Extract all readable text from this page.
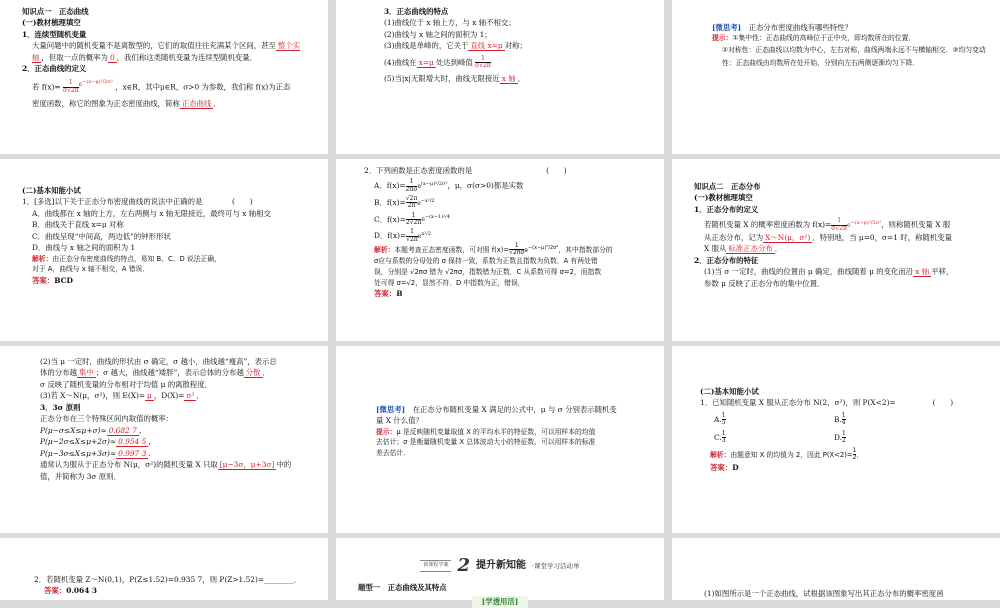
知识点一　正态曲线

(一)教材梳理填空

1．连续型随机变量

大量问题中的随机变量不是离散型的，它们的取值往往充满某个区间，甚至 整个实轴 ，但取一点的概率为 0 ，我们称这类随机变量为连续型随机变量．

2．正态曲线的定义

若 $f(x)= \frac{1}{\sigma√2\pi} ^{e^{-(x-\mu)^2/2\sigma^2}}$ ，x∈R，其中μ∈R，σ>0 为参数，我们称 f(x)为正态

密度函数，称它的图象为正态密度曲线，简称 正态曲线 ．

3．正态曲线的特点

(1)曲线位于 x 轴上方，与 x 轴不相交；

(2)曲线与 x 轴之间的面积为 1；

(3)曲线是单峰的，它关于 直线 x=μ 对称；

(4)曲线在 x=μ 处达到峰值 $\frac{1}{\sigma√2\pi}$

(5)当|x|无限增大时，曲线无限接近 x 轴 ．

[微思考]　 正态分布密度曲线有哪些特性？

提示：①集中性：正态曲线的高峰位于正中央，即均数所在的位置．

②对称性：正态曲线以均数为中心，左右对称，曲线两端永远不与横轴相交．③均匀变动性：正态曲线由均数所在处开始，分别向左右两侧逐渐均匀下降．

(二)基本知能小试

1．[多选]以下关于正态分布密度曲线的说法中正确的是　　　　	(　　)

A．曲线都在 x 轴的上方，左右两侧与 x 轴无限接近，最终可与 x 轴相交

B．曲线关于直线 x=μ 对称

C．曲线呈现“中间高，两边低”的钟形形状

D．曲线与 x 轴之间的面积为 1

解析：由正态分布密度曲线的特点，易知 B、C、D 说法正确，

对于 A，曲线与 x 轴不相交，A 错误．

答案：BCD

2．下列函数是正态密度函数的是　　　　　　　　　　	(　　)

A．$f(x)= \frac{1}{2\pi\sigma} e^{(x-\mu)^2/2\sigma^2}$，μ，σ(σ>0)都是实数

B．$f(x)= \frac{√2\pi}{2\pi} e^{-x^2/2}$

C．$f(x)= \frac{1}{2√2\pi} e^{-(x-1)^2/4}$

D．$f(x)= \frac{1}{√2\pi} e^{x^2/2}$

解析：本题考查正态密度函数，可对照 $f(x)= \frac{1}{√2\pi\sigma} e^{-(x-\mu)^2/2\sigma^2}$，其中指数部分的

σ应与系数的分母处的 σ 保持一致，系数为正数且指数为负数．A 有两处错

误，分别是 √2πσ 错为 √2πσ，指数错为正数．C 从系数可得 σ=2，而指数

处可得 σ=√2，显然不符．D 中指数为正，错误．

答案：B

知识点二　正态分布

(一)教材梳理填空

1．正态分布的定义

若随机变量 X 的概率密度函数为 $f(x)= \frac{1}{\sigma√2\pi} e^{-(x-\mu)^2/2\sigma^2}$，则称随机变量 X 服

从正态分布，记为 X～N(μ，σ²) ．特别地，当 μ=0，σ=1 时，称随机变量

X 服从 标准正态分布 ．

2．正态分布的特征

(1)当 σ 一定时，曲线的位置由 μ 确定，曲线随着 μ 的变化而沿 x 轴 平移，

参数 μ 反映了正态分布的集中位置．

(2)当 μ 一定时，曲线的形状由 σ 确定，σ 越小，曲线越“瘦高”，表示总

体的分布越 集中 ；σ 越大，曲线越“矮胖”，表示总体的分布越 分散 ．

σ 反映了随机变量的分布相对于均值 μ 的离散程度．

(3)若 X～N(μ，σ²)，则 E(X)= μ ，D(X)= σ² ．

3．3σ 原则

正态分布在三个特殊区间内取值的概率：

P(μ−σ≤X≤μ+σ)≈ 0.682 7 ，

P(μ−2σ≤X≤μ+2σ)≈ 0.954 5 ，

P(μ−3σ≤X≤μ+3σ)≈ 0.997 3 ．

通常认为服从于正态分布 N(μ，σ²)的随机变量 X 只取 [μ−3σ，μ+3σ] 中的

值，并简称为 3σ 原则．

[微思考]　 在正态分布随机变量 X 满足的公式中，μ 与 σ 分别表示随机变

量 X 什么值？

提示：μ 是反映随机变量取值 X 的平均水平的特征数，可以用样本的均值

去估计；σ 是衡量随机变量 X 总体波动大小的特征数，可以用样本的标准

差去估计．

(二)基本知能小试

1．已知随机变量 X 服从正态分布 N(2，σ²)，则 P(X<2)=　　　　　	(　　)

A. $\frac{1}{5}$	B. $\frac{1}{4}$
C. $\frac{1}{3}$	D. $\frac{1}{2}$

解析：由题意知 X 的均值为 2，因此 $P(X<2)= \frac{1}{2}$ ．

答案：D

2．若随机变量 Z～N(0,1)，P(Z≤1.52)=0.935 7，则 P(Z>1.52)=________．

答案：0.064 3

新课程学案 2 提升新知能 ·课堂学习活动单

题型一　正态曲线及其特点

[学透用活]

(1)如图所示是一个正态曲线，试根据该图象写出其正态分布的概率密度函
